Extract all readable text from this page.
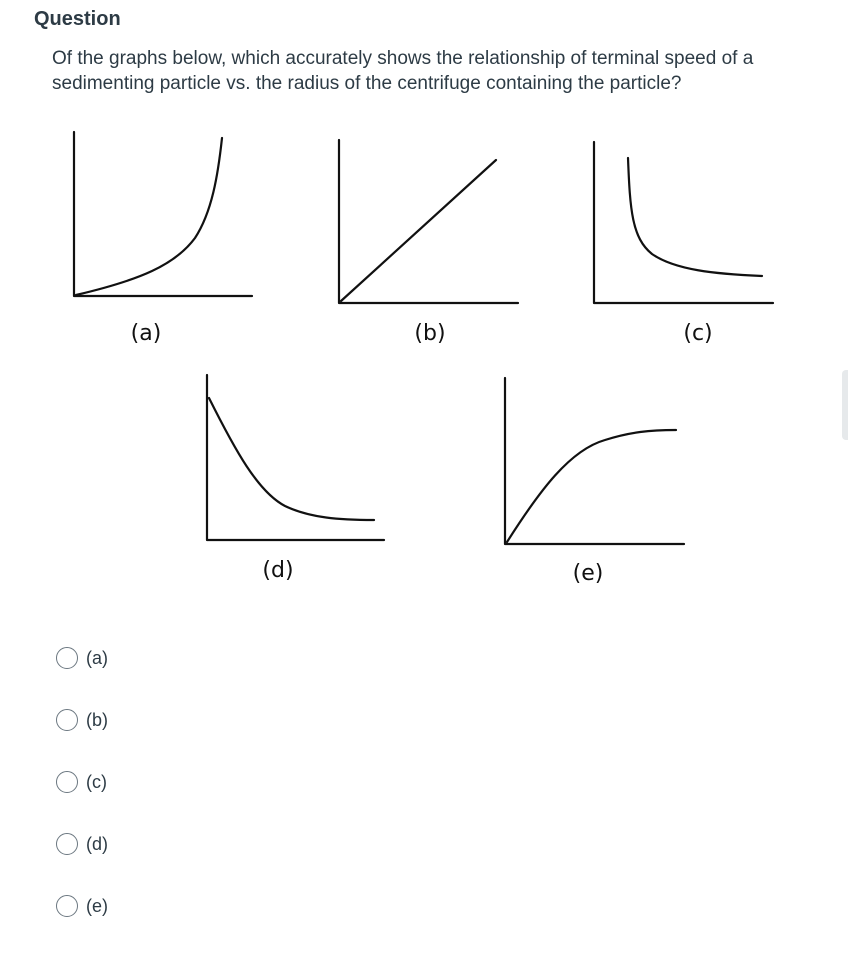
Question
Of the graphs below, which accurately shows the relationship of terminal speed of a sedimenting particle vs. the radius of the centrifuge containing the particle?
(a)	(b)	(c)
(d)	(e)
(a)
(b)
(c)
(d)
(e)
